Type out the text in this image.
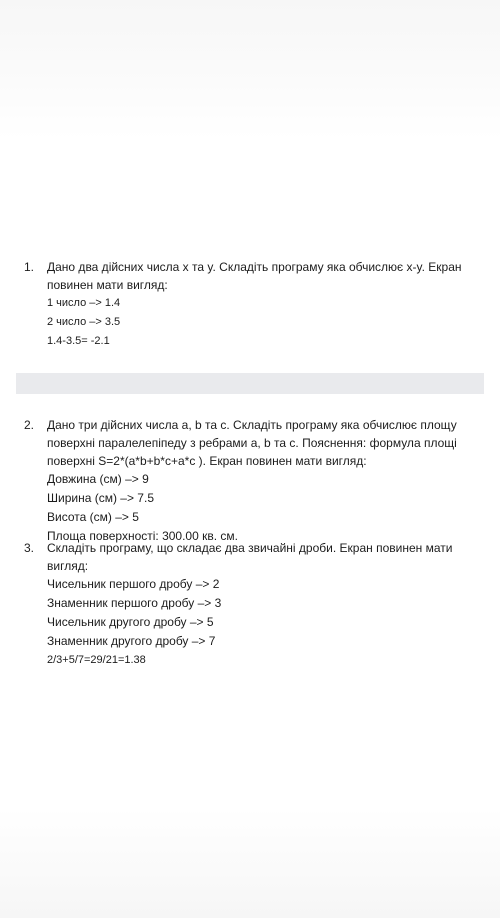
1.	Дано два дійсних числа x та y. Складіть програму яка обчислює x-y. Екран повинен мати вигляд:
1 число –> 1.4
2 число –> 3.5
1.4-3.5= -2.1
2.	Дано три дійсних числа a, b та c. Складіть програму яка обчислює площу поверхні паралелепіпеду з ребрами a, b та c. Пояснення: формула площі поверхні S=2*(a*b+b*c+a*c ). Екран повинен мати вигляд:
Довжина (см) –> 9
Ширина (см) –> 7.5
Висота (см) –> 5
Площа поверхності: 300.00 кв. см.
3.	Складіть програму, що складає два звичайні дроби. Екран повинен мати вигляд:
Чисельник першого дробу –> 2
Знаменник першого дробу –> 3
Чисельник другого дробу –> 5
Знаменник другого дробу –> 7
2/3+5/7=29/21=1.38
